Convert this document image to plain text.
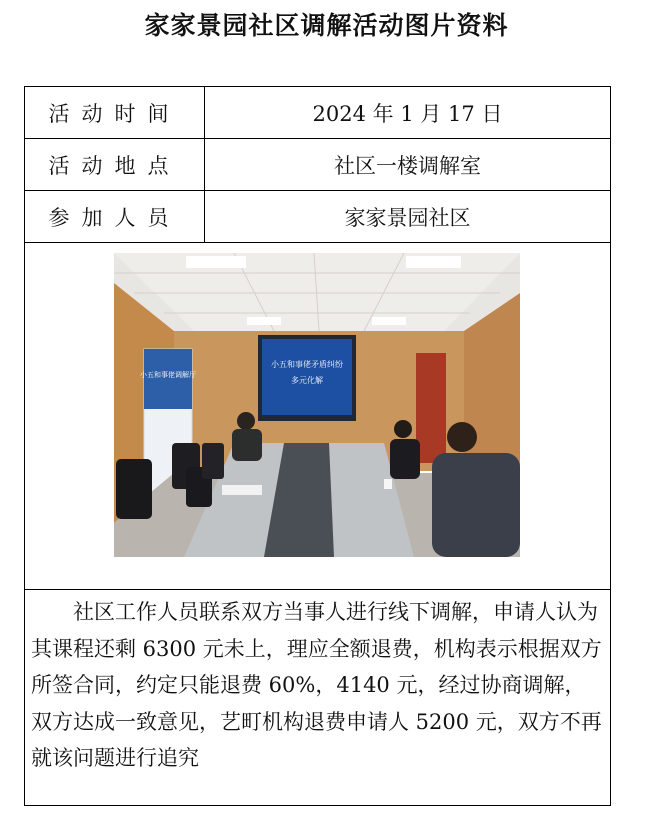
家家景园社区调解活动图片资料
活动时间	2024 年 1 月 17 日
活动地点	社区一楼调解室
参加人员	家家景园社区

小五和事佬调解厅
小五和事佬矛盾纠纷
多元化解	

社区工作人员联系双方当事人进行线下调解，申请人认为其课程还剩 6300 元未上，理应全额退费，机构表示根据双方所签合同，约定只能退费 60%，4140 元，经过协商调解，双方达成一致意见，艺町机构退费申请人 5200 元，双方不再就该问题进行追究	
